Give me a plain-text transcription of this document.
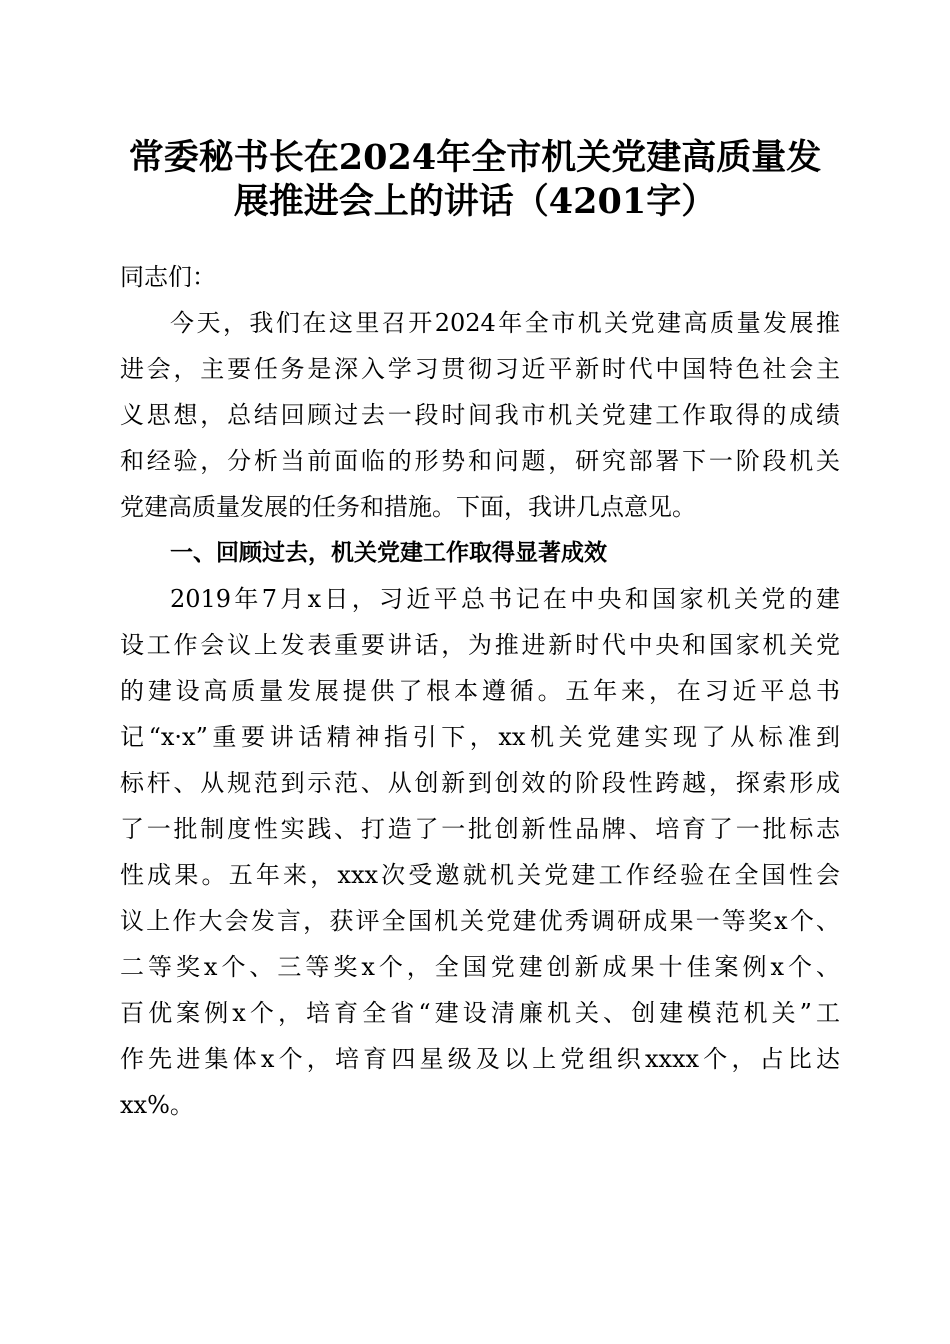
常委秘书长在2024年全市机关党建高质量发
展推进会上的讲话（4201字）
同志们：
今天，我们在这里召开2024年全市机关党建高质量发展推
进会，主要任务是深入学习贯彻习近平新时代中国特色社会主
义思想，总结回顾过去一段时间我市机关党建工作取得的成绩
和经验，分析当前面临的形势和问题，研究部署下一阶段机关
党建高质量发展的任务和措施。下面，我讲几点意见。
一、回顾过去，机关党建工作取得显著成效
2019年7月x日，习近平总书记在中央和国家机关党的建
设工作会议上发表重要讲话，为推进新时代中央和国家机关党
的建设高质量发展提供了根本遵循。五年来，在习近平总书
记“x·x”重要讲话精神指引下，xx机关党建实现了从标准到
标杆、从规范到示范、从创新到创效的阶段性跨越，探索形成
了一批制度性实践、打造了一批创新性品牌、培育了一批标志
性成果。五年来，xxx次受邀就机关党建工作经验在全国性会
议上作大会发言，获评全国机关党建优秀调研成果一等奖x个、
二等奖x个、三等奖x个，全国党建创新成果十佳案例x个、
百优案例x个，培育全省“建设清廉机关、创建模范机关”工
作先进集体x个，培育四星级及以上党组织xxxx个，占比达
xx%。
